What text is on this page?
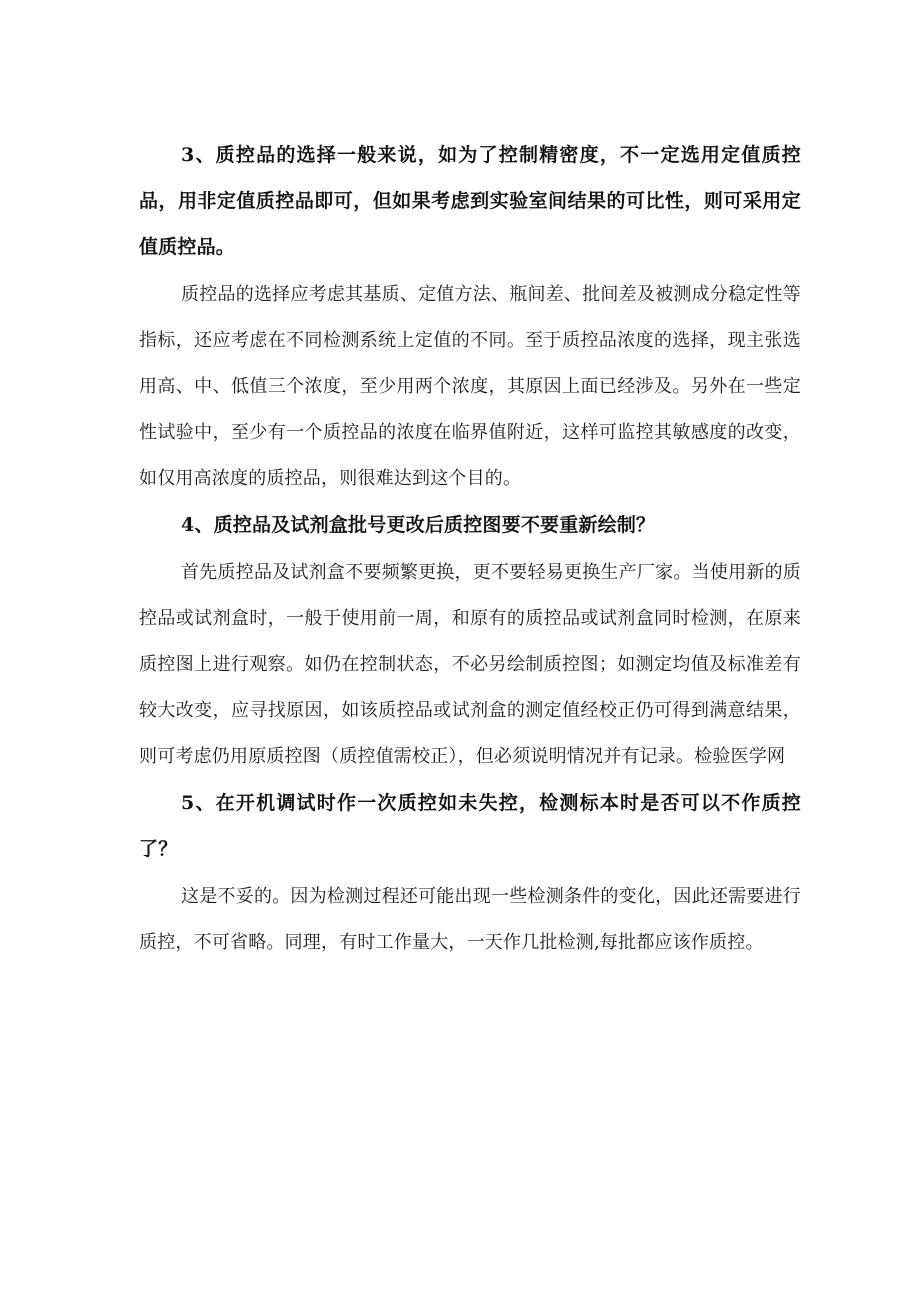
3、质控品的选择一般来说，如为了控制精密度，不一定选用定值质控品，用非定值质控品即可，但如果考虑到实验室间结果的可比性，则可采用定值质控品。

质控品的选择应考虑其基质、定值方法、瓶间差、批间差及被测成分稳定性等指标，还应考虑在不同检测系统上定值的不同。至于质控品浓度的选择，现主张选用高、中、低值三个浓度，至少用两个浓度，其原因上面已经涉及。另外在一些定性试验中，至少有一个质控品的浓度在临界值附近，这样可监控其敏感度的改变，如仅用高浓度的质控品，则很难达到这个目的。

4、质控品及试剂盒批号更改后质控图要不要重新绘制？

首先质控品及试剂盒不要频繁更换，更不要轻易更换生产厂家。当使用新的质控品或试剂盒时，一般于使用前一周，和原有的质控品或试剂盒同时检测，在原来质控图上进行观察。如仍在控制状态，不必另绘制质控图；如测定均值及标准差有较大改变，应寻找原因，如该质控品或试剂盒的测定值经校正仍可得到满意结果，则可考虑仍用原质控图（质控值需校正），但必须说明情况并有记录。检验医学网

5、在开机调试时作一次质控如未失控，检测标本时是否可以不作质控了？

这是不妥的。因为检测过程还可能出现一些检测条件的变化，因此还需要进行质控，不可省略。同理，有时工作量大，一天作几批检测,每批都应该作质控。
